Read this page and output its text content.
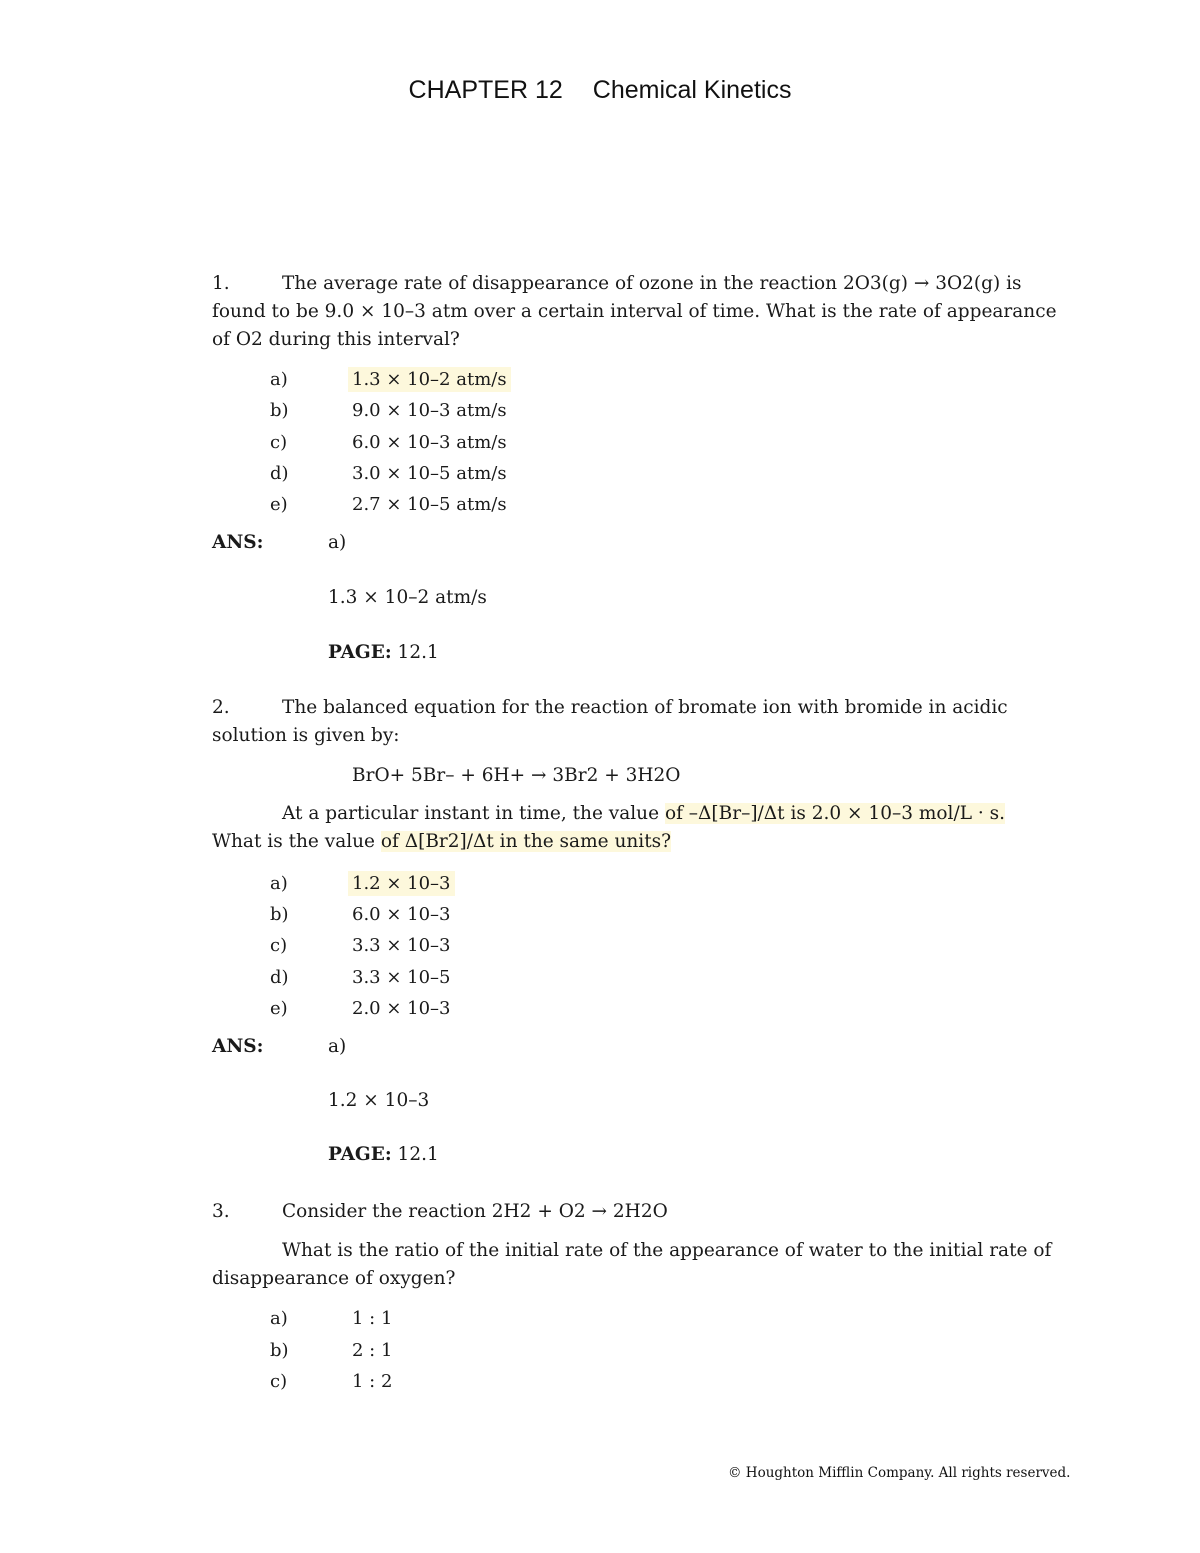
CHAPTER 12 Chemical Kinetics
1.	The average rate of disappearance of ozone in the reaction 2O3(g) → 3O2(g) is
found to be 9.0 × 10–3 atm over a certain interval of time. What is the rate of appearance
of O2 during this interval?
a)	1.3 × 10–2 atm/s
b)	9.0 × 10–3 atm/s
c)	6.0 × 10–3 atm/s
d)	3.0 × 10–5 atm/s
e)	2.7 × 10–5 atm/s
ANS:	a)
1.3 × 10–2 atm/s
PAGE: 12.1
2.	The balanced equation for the reaction of bromate ion with bromide in acidic
solution is given by:
BrO+ 5Br– + 6H+ → 3Br2 + 3H2O
At a particular instant in time, the value of –Δ[Br–]/Δt is 2.0 × 10–3 mol/L · s.
What is the value of Δ[Br2]/Δt in the same units?
a)	1.2 × 10–3
b)	6.0 × 10–3
c)	3.3 × 10–3
d)	3.3 × 10–5
e)	2.0 × 10–3
ANS:	a)
1.2 × 10–3
PAGE: 12.1
3.	Consider the reaction 2H2 + O2 → 2H2O
What is the ratio of the initial rate of the appearance of water to the initial rate of
disappearance of oxygen?
a)	1 : 1
b)	2 : 1
c)	1 : 2
© Houghton Mifflin Company. All rights reserved.
